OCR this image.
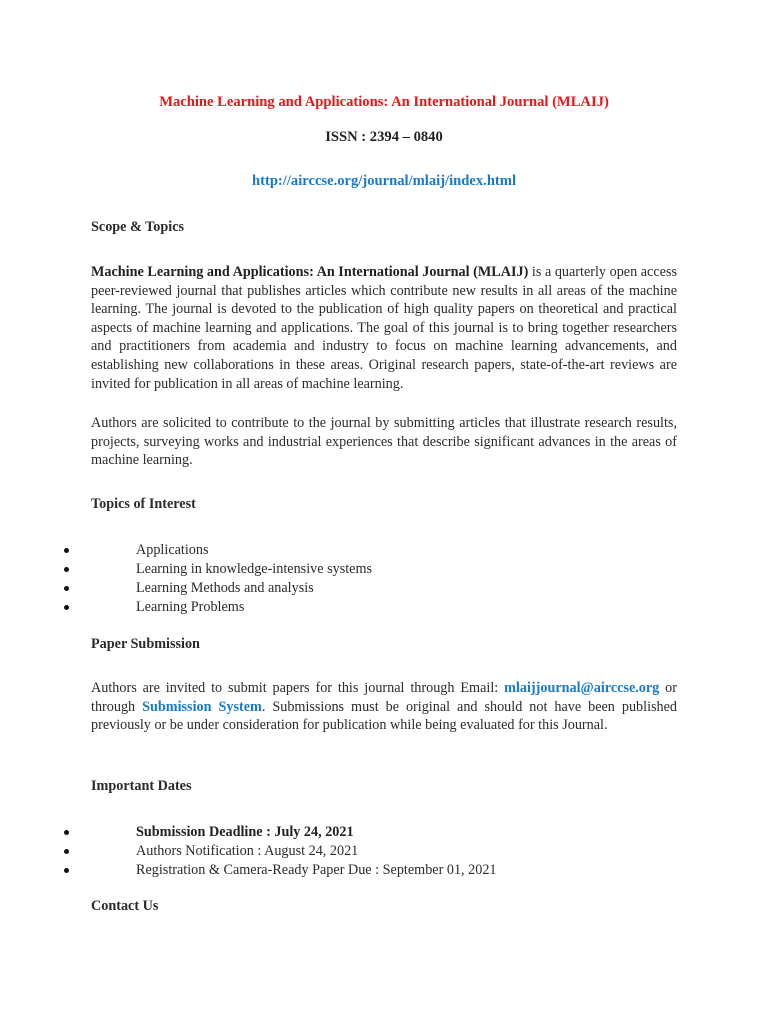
Machine Learning and Applications: An International Journal (MLAIJ)
ISSN : 2394 – 0840
http://airccse.org/journal/mlaij/index.html
Scope & Topics

Machine Learning and Applications: An International Journal (MLAIJ) is a quarterly open access peer-reviewed journal that publishes articles which contribute new results in all areas of the machine learning. The journal is devoted to the publication of high quality papers on theoretical and practical aspects of machine learning and applications. The goal of this journal is to bring together researchers and practitioners from academia and industry to focus on machine learning advancements, and establishing new collaborations in these areas. Original research papers, state-of-the-art reviews are invited for publication in all areas of machine learning.

Authors are solicited to contribute to the journal by submitting articles that illustrate research results, projects, surveying works and industrial experiences that describe significant advances in the areas of machine learning.

Topics of Interest
Applications
Learning in knowledge-intensive systems
Learning Methods and analysis
Learning Problems
Paper Submission

Authors are invited to submit papers for this journal through Email: mlaijjournal@airccse.org or through Submission System. Submissions must be original and should not have been published previously or be under consideration for publication while being evaluated for this Journal.

Important Dates
Submission Deadline : July 24, 2021
Authors Notification : August 24, 2021
Registration & Camera-Ready Paper Due : September 01, 2021
Contact Us
